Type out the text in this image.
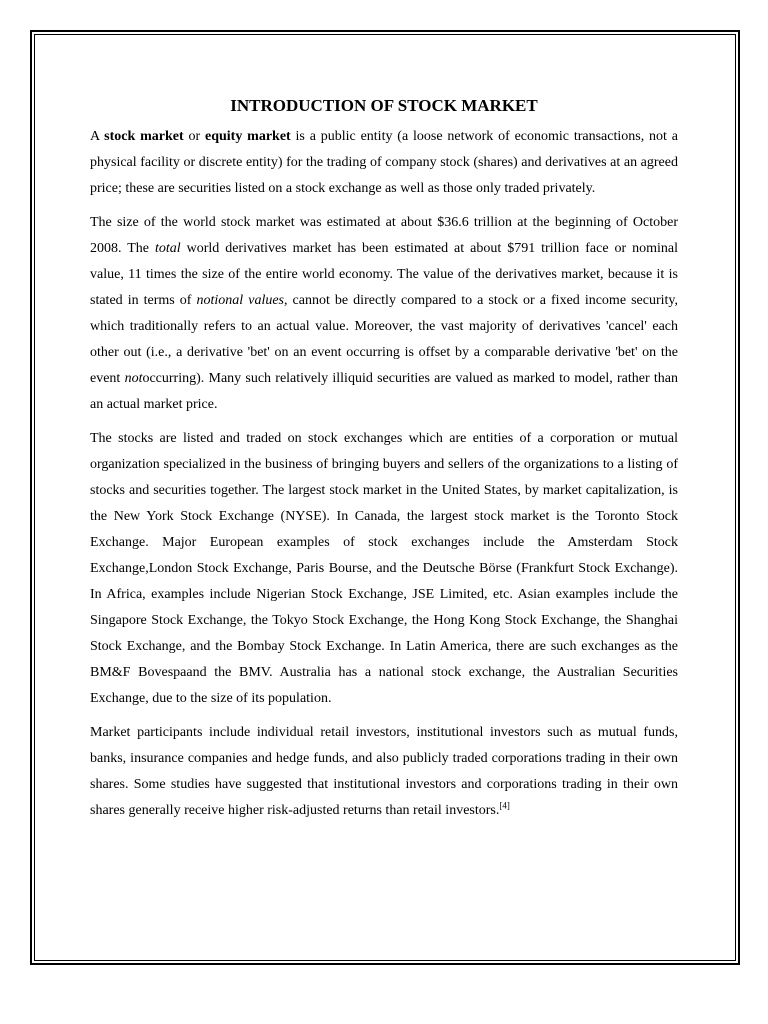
INTRODUCTION OF STOCK MARKET

A stock market or equity market is a public entity (a loose network of economic transactions, not a physical facility or discrete entity) for the trading of company stock (shares) and derivatives at an agreed price; these are securities listed on a stock exchange as well as those only traded privately.

The size of the world stock market was estimated at about $36.6 trillion at the beginning of October 2008. The total world derivatives market has been estimated at about $791 trillion face or nominal value, 11 times the size of the entire world economy. The value of the derivatives market, because it is stated in terms of notional values, cannot be directly compared to a stock or a fixed income security, which traditionally refers to an actual value. Moreover, the vast majority of derivatives 'cancel' each other out (i.e., a derivative 'bet' on an event occurring is offset by a comparable derivative 'bet' on the event notoccurring). Many such relatively illiquid securities are valued as marked to model, rather than an actual market price.

The stocks are listed and traded on stock exchanges which are entities of a corporation or mutual organization specialized in the business of bringing buyers and sellers of the organizations to a listing of stocks and securities together. The largest stock market in the United States, by market capitalization, is the New York Stock Exchange (NYSE). In Canada, the largest stock market is the Toronto Stock Exchange. Major European examples of stock exchanges include the Amsterdam Stock Exchange,London Stock Exchange, Paris Bourse, and the Deutsche Börse (Frankfurt Stock Exchange). In Africa, examples include Nigerian Stock Exchange, JSE Limited, etc. Asian examples include the Singapore Stock Exchange, the Tokyo Stock Exchange, the Hong Kong Stock Exchange, the Shanghai Stock Exchange, and the Bombay Stock Exchange. In Latin America, there are such exchanges as the BM&F Bovespaand the BMV. Australia has a national stock exchange, the Australian Securities Exchange, due to the size of its population.

Market participants include individual retail investors, institutional investors such as mutual funds, banks, insurance companies and hedge funds, and also publicly traded corporations trading in their own shares. Some studies have suggested that institutional investors and corporations trading in their own shares generally receive higher risk-adjusted returns than retail investors.[4]
